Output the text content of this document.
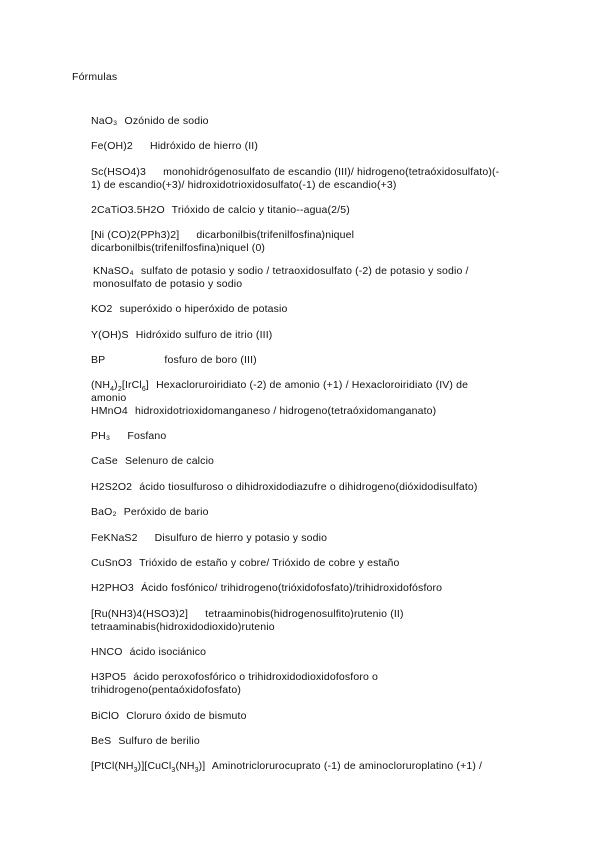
Fórmulas
NaO₃ Ozónido de sodio
Fe(OH)2 Hidróxido de hierro (II)
Sc(HSO4)3 monohidrógenosulfato de escandio (III)/ hidrogeno(tetraóxidosulfato)(- 1) de escandio(+3)/ hidroxidotrioxidosulfato(-1) de escandio(+3)
2CaTiO3.5H2O Trióxido de calcio y titanio--agua(2/5)
[Ni (CO)2(PPh3)2] dicarbonilbis(trifenilfosfina)niquel dicarbonilbis(trifenilfosfina)niquel (0)
KNaSO₄ sulfato de potasio y sodio / tetraoxidosulfato (-2) de potasio y sodio / monosulfato de potasio y sodio
KO2 superóxido o hiperóxido de potasio
Y(OH)S Hidróxido sulfuro de itrio (III)
BP	fosfuro de boro (III)
$(NH_4)_2[IrCl_6]$ Hexacloruroiridiato (-2) de amonio (+1) / Hexacloroiridiato (IV) de amonio
HMnO4 hidroxidotrioxidomanganeso / hidrogeno(tetraóxidomanganato)
PH₃ Fosfano
CaSe Selenuro de calcio
H2S2O2 ácido tiosulfuroso o dihidroxidodiazufre o dihidrogeno(dióxidodisulfato)
BaO₂ Peróxido de bario
FeKNaS2 Disulfuro de hierro y potasio y sodio
CuSnO3 Trióxido de estaño y cobre/ Trióxido de cobre y estaño
H2PHO3 Ácido fosfónico/ trihidrogeno(trióxidofosfato)/trihidroxidofósforo
[Ru(NH3)4(HSO3)2] tetraaminobis(hidrogenosulfito)rutenio (II) tetraaminabis(hidroxidodioxido)rutenio
HNCO ácido isociánico
H3PO5 ácido peroxofosfórico o trihidroxidodioxidofosforo o trihidrogeno(pentaóxidofosfato)
BiClO Cloruro óxido de bismuto
BeS Sulfuro de berilio
$[PtCl(NH_3)][CuCl_3(NH_3)]$ Aminotriclorurocuprato (-1) de aminocloruroplatino (+1) /
